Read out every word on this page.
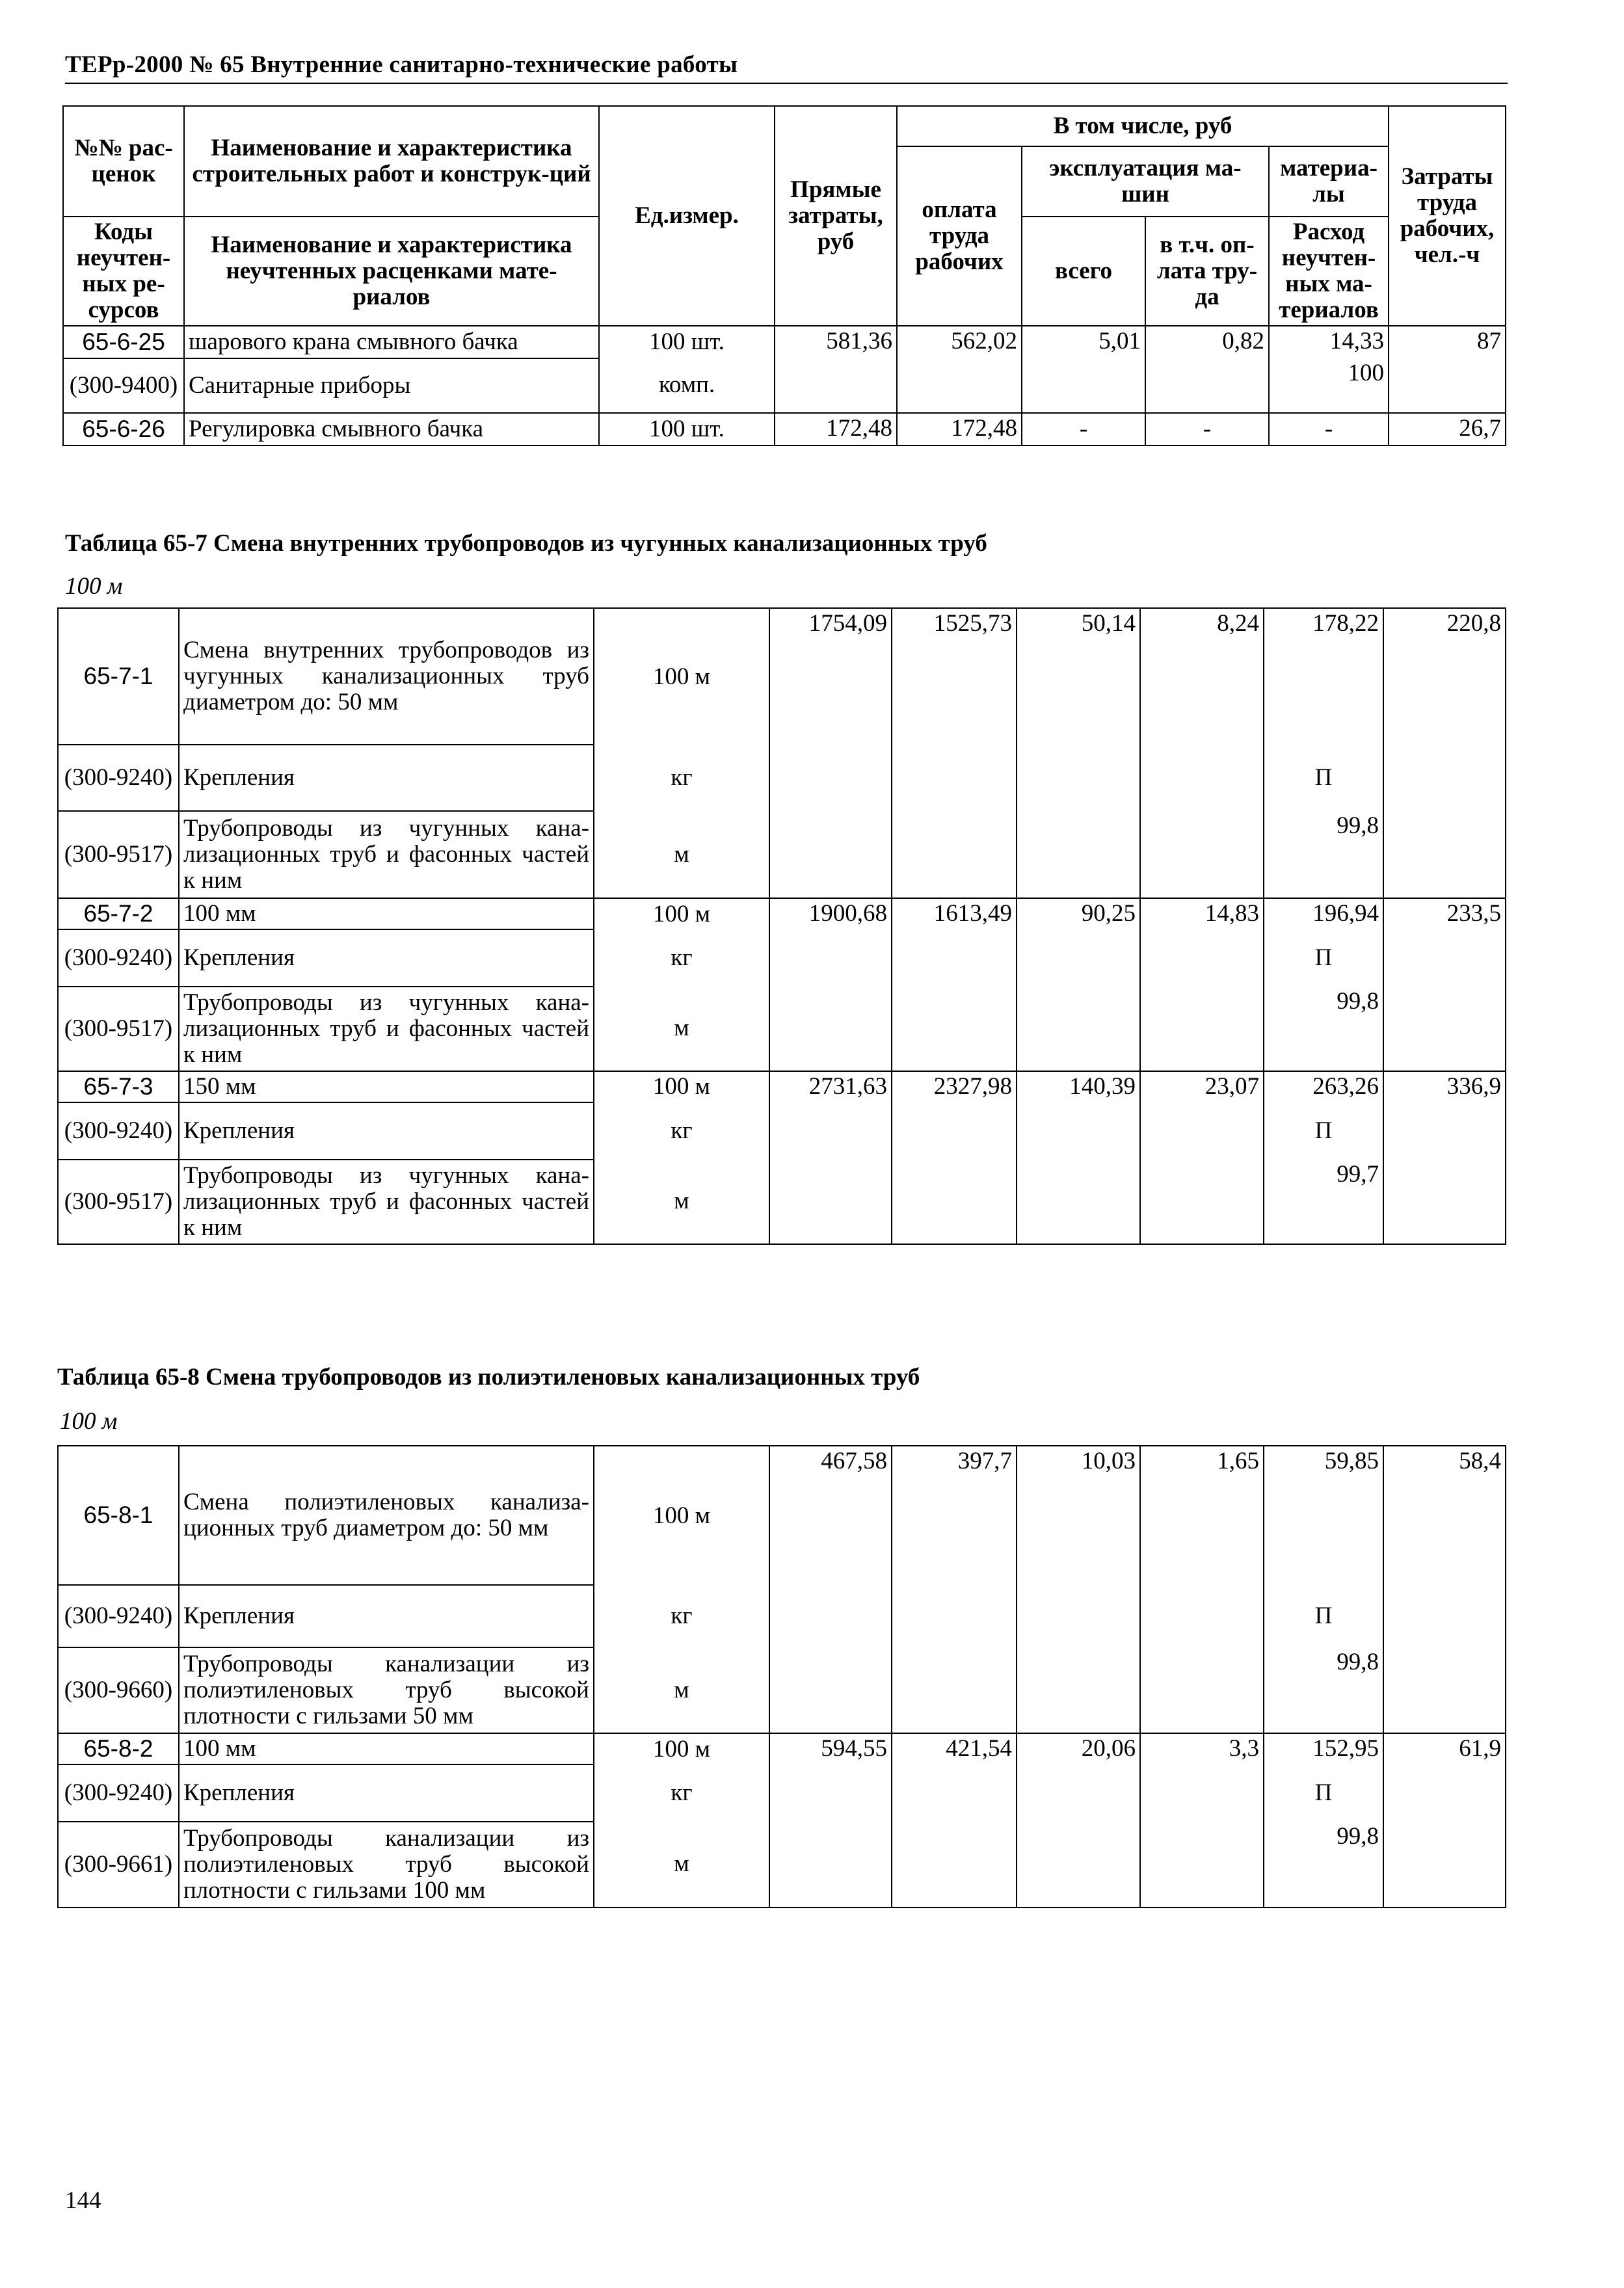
ТЕРр-2000 № 65 Внутренние санитарно-технические работы
№№ рас-ценок	Наименование и характеристика строительных работ и конструк-ций	Ед.измер.	Прямые затраты, руб	В том числе, руб				Затраты труда рабочих, чел.-ч
				оплата труда рабочих	эксплуатация ма-шин		материа-лы	
Коды неучтен-ных ре-сурсов	Наименование и характеристика неучтенных расценками мате-риалов				всего	в т.ч. оп-лата тру-да	Расход неучтен-ных ма-териалов	

65-6-25	шарового крана смывного бачка	100 шт.	581,36	562,02	5,01	0,82	14,33	87
(300-9400)	Санитарные приборы	комп.					100	
65-6-26	Регулировка смывного бачка	100 шт.	172,48	172,48	-	-	-	26,7
Таблица 65-7 Смена внутренних трубопроводов из чугунных канализационных труб
100 м
65-7-1	Смена внутренних трубопроводов из чугунных канализационных труб диаметром до: 50 мм	100 м	1754,09	1525,73	50,14	8,24	178,22	220,8
(300-9240)	Крепления	кг					П	
(300-9517)	Трубопроводы из чугунных кана-лизационных труб и фасонных частей к ним	м					99,8	
65-7-2	100 мм	100 м	1900,68	1613,49	90,25	14,83	196,94	233,5
(300-9240)	Крепления	кг					П	
(300-9517)	Трубопроводы из чугунных кана-лизационных труб и фасонных частей к ним	м					99,8	
65-7-3	150 мм	100 м	2731,63	2327,98	140,39	23,07	263,26	336,9
(300-9240)	Крепления	кг					П	
(300-9517)	Трубопроводы из чугунных кана-лизационных труб и фасонных частей к ним	м					99,7	
Таблица 65-8 Смена трубопроводов из полиэтиленовых канализационных труб
100 м
65-8-1	Смена полиэтиленовых канализа-ционных труб диаметром до: 50 мм	100 м	467,58	397,7	10,03	1,65	59,85	58,4
(300-9240)	Крепления	кг					П	
(300-9660)	Трубопроводы канализации из полиэтиленовых труб высокой плотности с гильзами 50 мм	м					99,8	
65-8-2	100 мм	100 м	594,55	421,54	20,06	3,3	152,95	61,9
(300-9240)	Крепления	кг					П	
(300-9661)	Трубопроводы канализации из полиэтиленовых труб высокой плотности с гильзами 100 мм	м					99,8	
144
